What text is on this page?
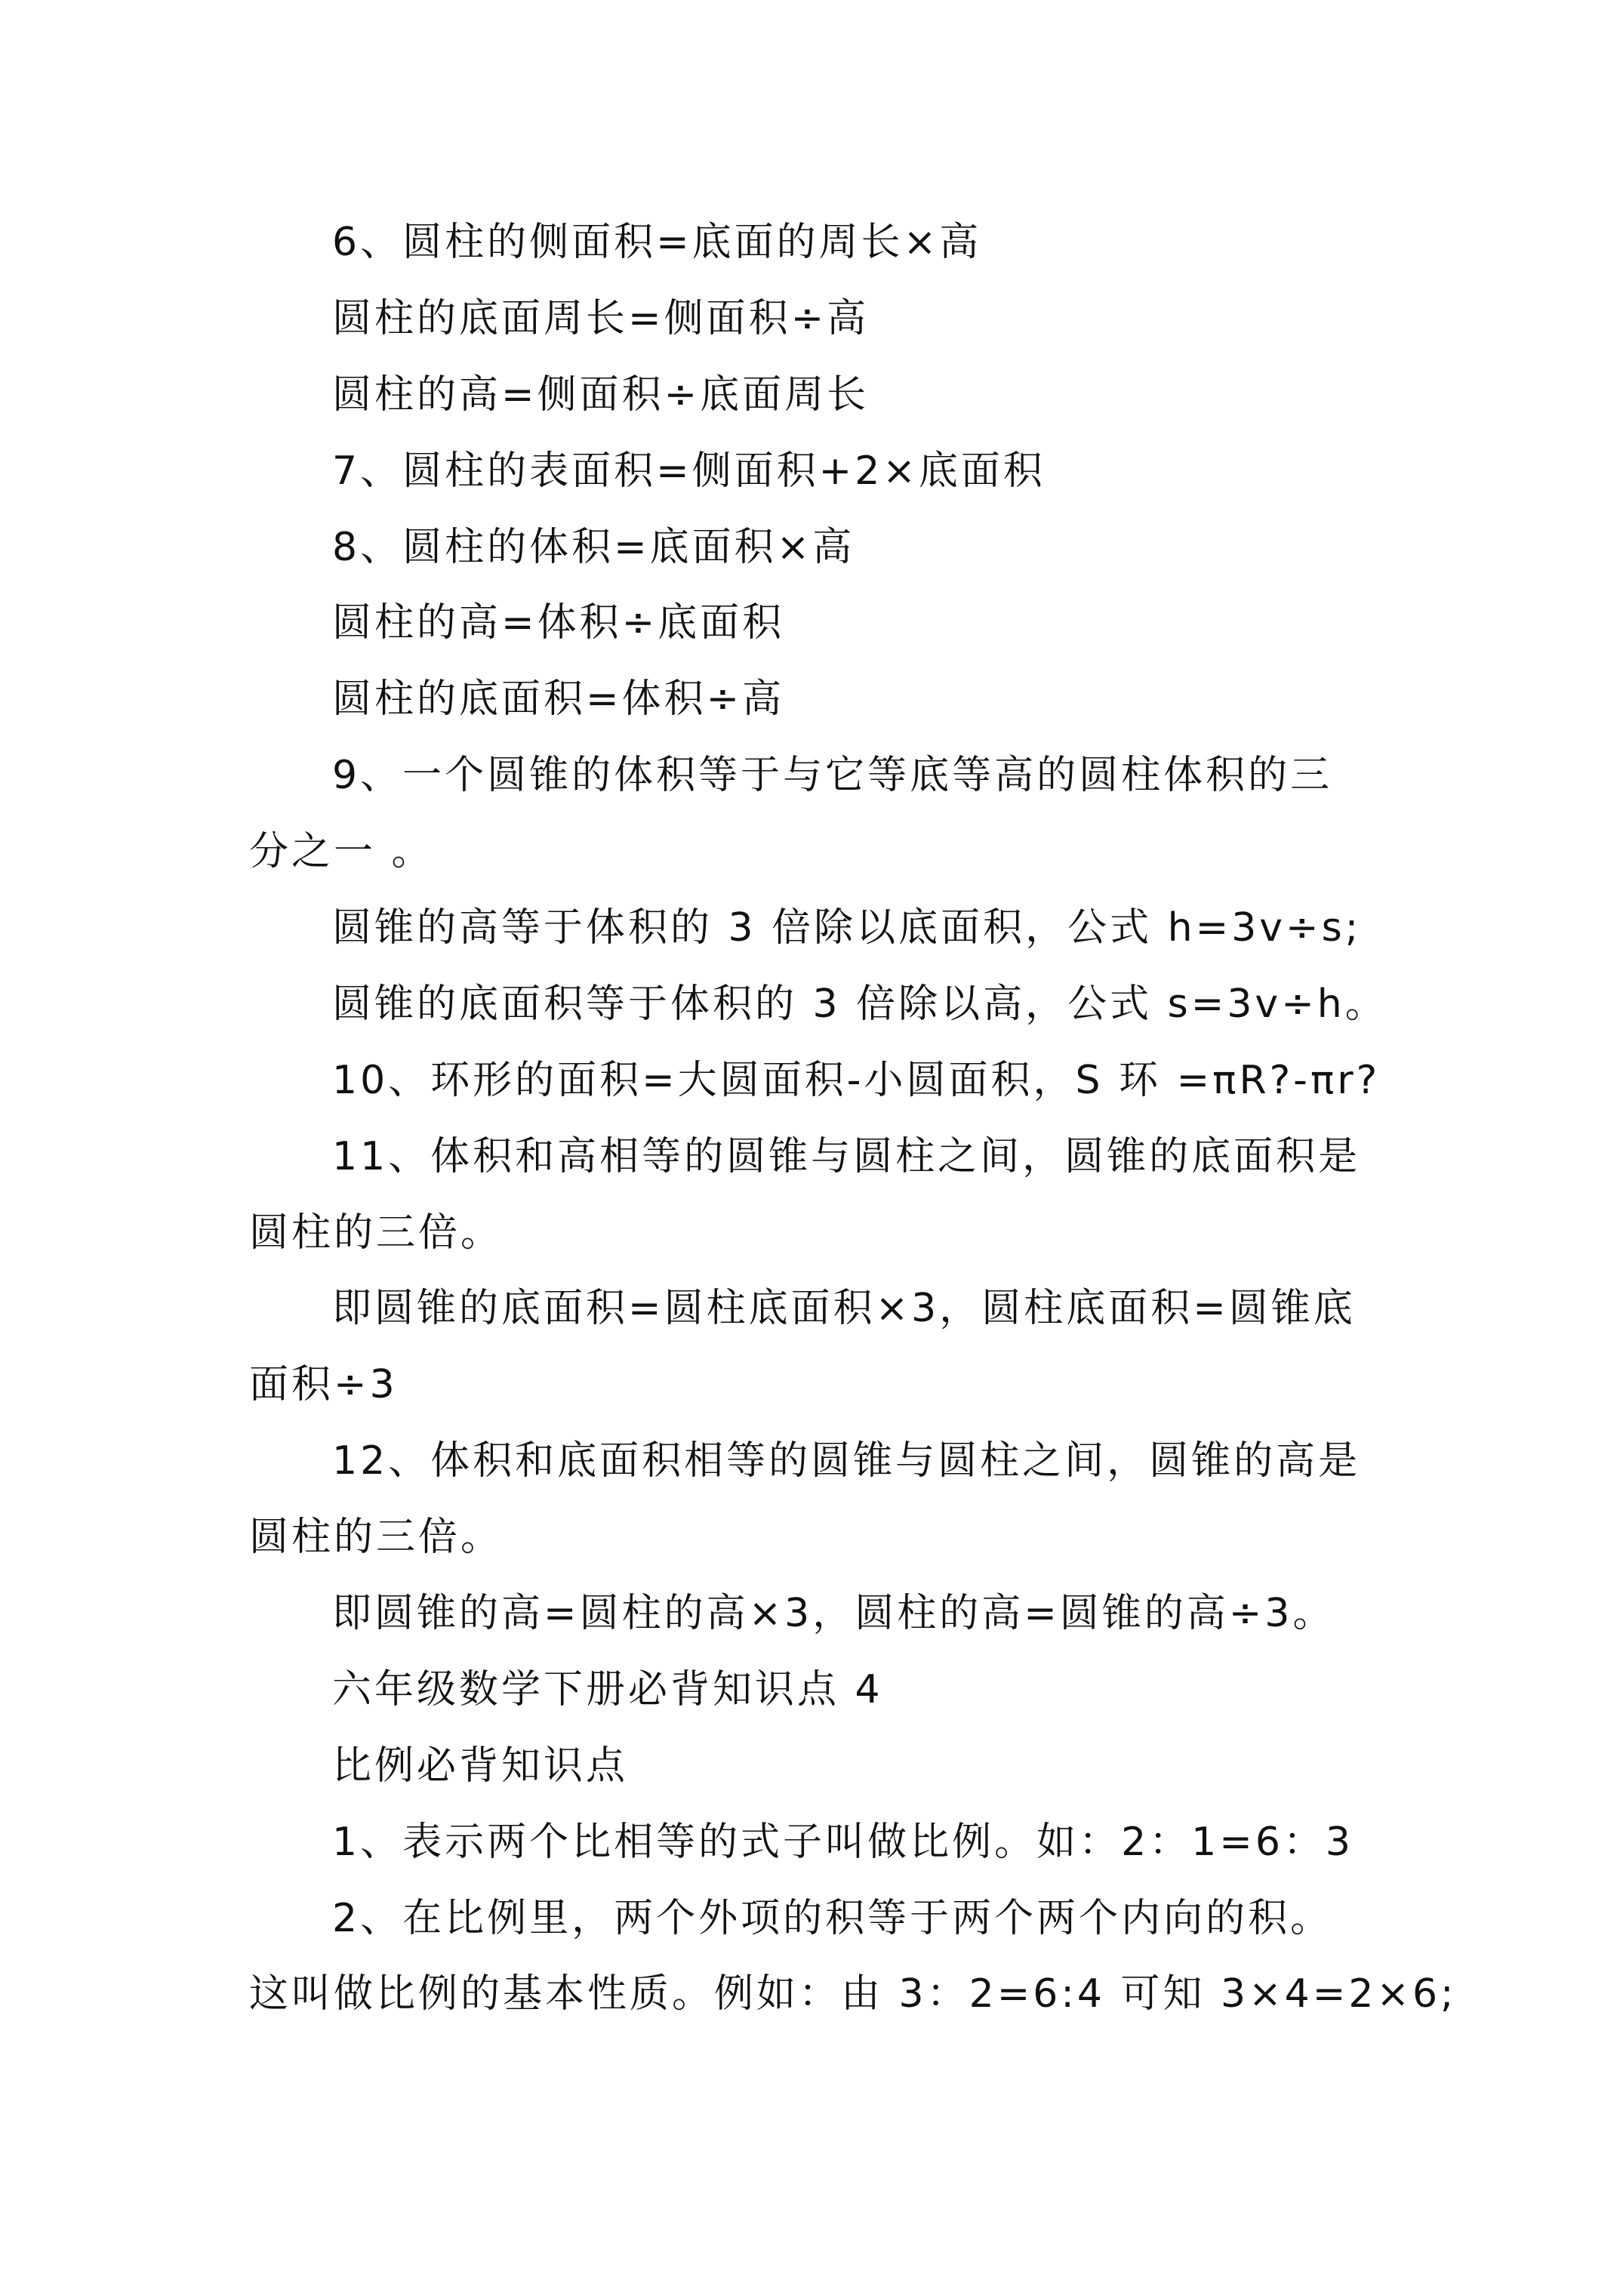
6、圆柱的侧面积=底面的周长×高
圆柱的底面周长=侧面积÷高
圆柱的高=侧面积÷底面周长
7、圆柱的表面积=侧面积+2×底面积
8、圆柱的体积=底面积×高
圆柱的高=体积÷底面积
圆柱的底面积=体积÷高
9、一个圆锥的体积等于与它等底等高的圆柱体积的三
分之一 。
圆锥的高等于体积的 3 倍除以底面积，公式 h=3v÷s;
圆锥的底面积等于体积的 3 倍除以高，公式 s=3v÷h。
10、环形的面积=大圆面积-小圆面积，S 环 =πR?-πr?
11、体积和高相等的圆锥与圆柱之间，圆锥的底面积是
圆柱的三倍。
即圆锥的底面积=圆柱底面积×3，圆柱底面积=圆锥底
面积÷3
12、体积和底面积相等的圆锥与圆柱之间，圆锥的高是
圆柱的三倍。
即圆锥的高=圆柱的高×3，圆柱的高=圆锥的高÷3。
六年级数学下册必背知识点 4
比例必背知识点
1、表示两个比相等的式子叫做比例。如：2：1=6：3
2、在比例里，两个外项的积等于两个两个内向的积。
这叫做比例的基本性质。例如：由 3：2=6:4 可知 3×4=2×6;
